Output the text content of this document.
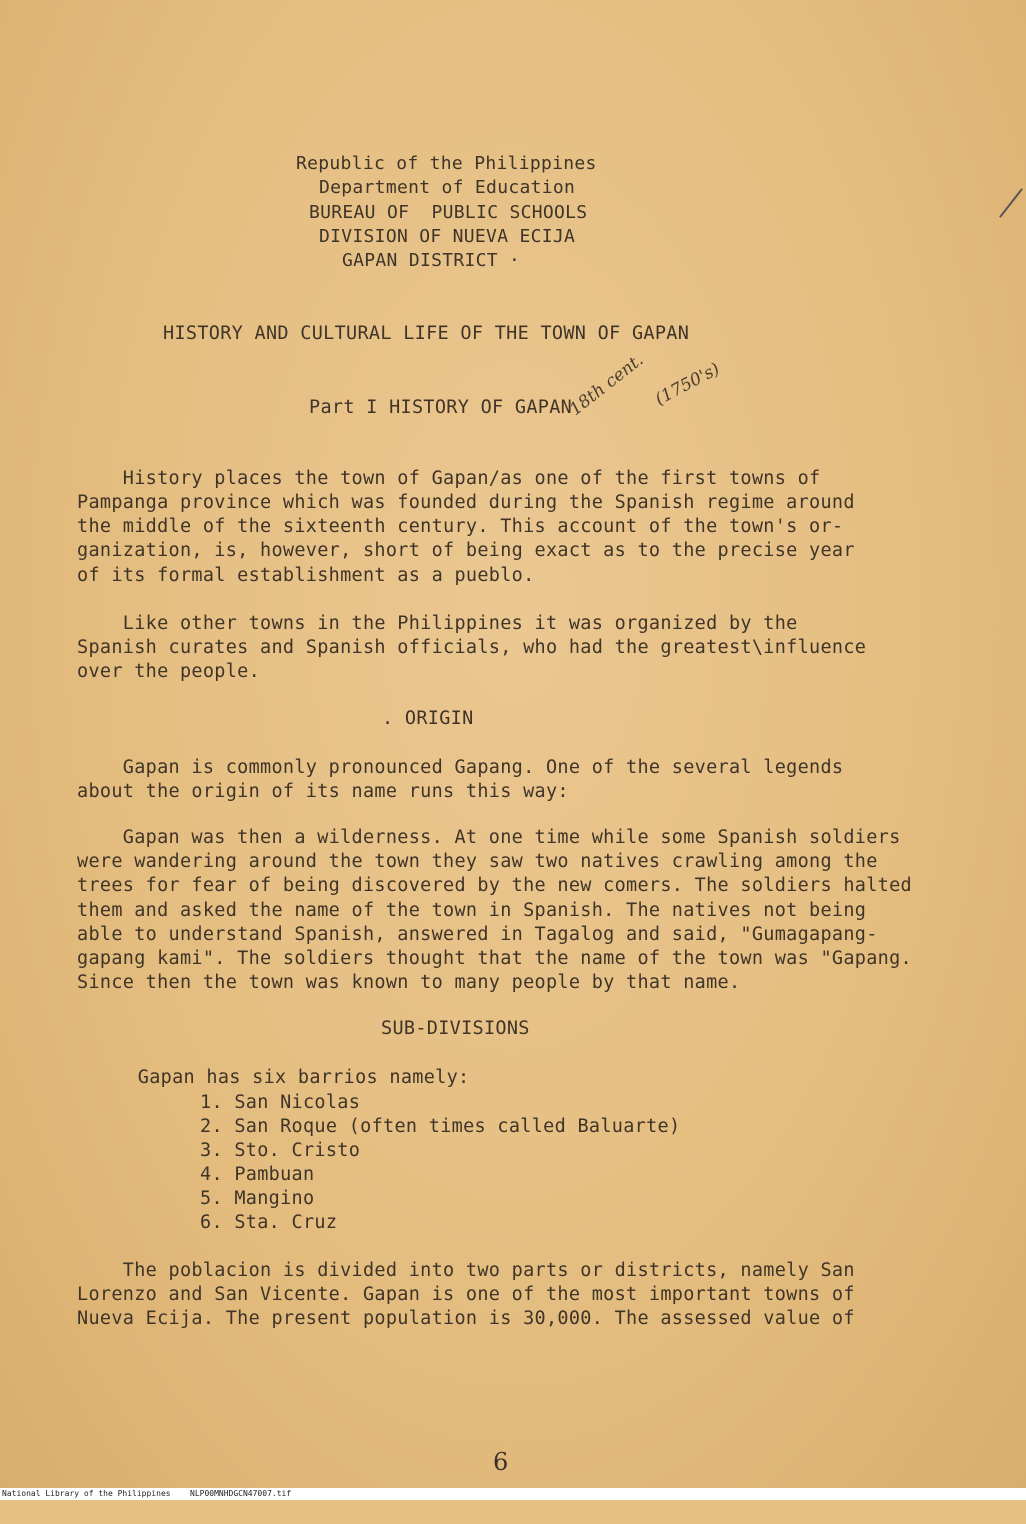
Republic of the Philippines
Department of Education
BUREAU OF  PUBLIC SCHOOLS
DIVISION OF NUEVA ECIJA
GAPAN DISTRICT ·
HISTORY AND CULTURAL LIFE OF THE TOWN OF GAPAN
Part I HISTORY OF GAPAN
18th cent. (1750's)
History places the town of Gapan/as one of the first towns of
Pampanga province which was founded during the Spanish regime around
the middle of the sixteenth century. This account of the town's or-
ganization, is, however, short of being exact as to the precise year
of its formal establishment as a pueblo.
Like other towns in the Philippines it was organized by the
Spanish curates and Spanish officials, who had the greatest\influence
over the people.
. ORIGIN
Gapan is commonly pronounced Gapang. One of the several legends
about the origin of its name runs this way:
Gapan was then a wilderness. At one time while some Spanish soldiers
were wandering around the town they saw two natives crawling among the
trees for fear of being discovered by the new comers. The soldiers halted
them and asked the name of the town in Spanish. The natives not being
able to understand Spanish, answered in Tagalog and said, "Gumagapang-
gapang kami". The soldiers thought that the name of the town was "Gapang.
Since then the town was known to many people by that name.
SUB-DIVISIONS
Gapan has six barrios namely:
1. San Nicolas
2. San Roque (often times called Baluarte)
3. Sto. Cristo
4. Pambuan
5. Mangino
6. Sta. Cruz
The poblacion is divided into two parts or districts, namely San
Lorenzo and San Vicente. Gapan is one of the most important towns of
Nueva Ecija. The present population is 30,000. The assessed value of
6

National Library of the Philippines

NLP00MNHDGCN47007.tif
